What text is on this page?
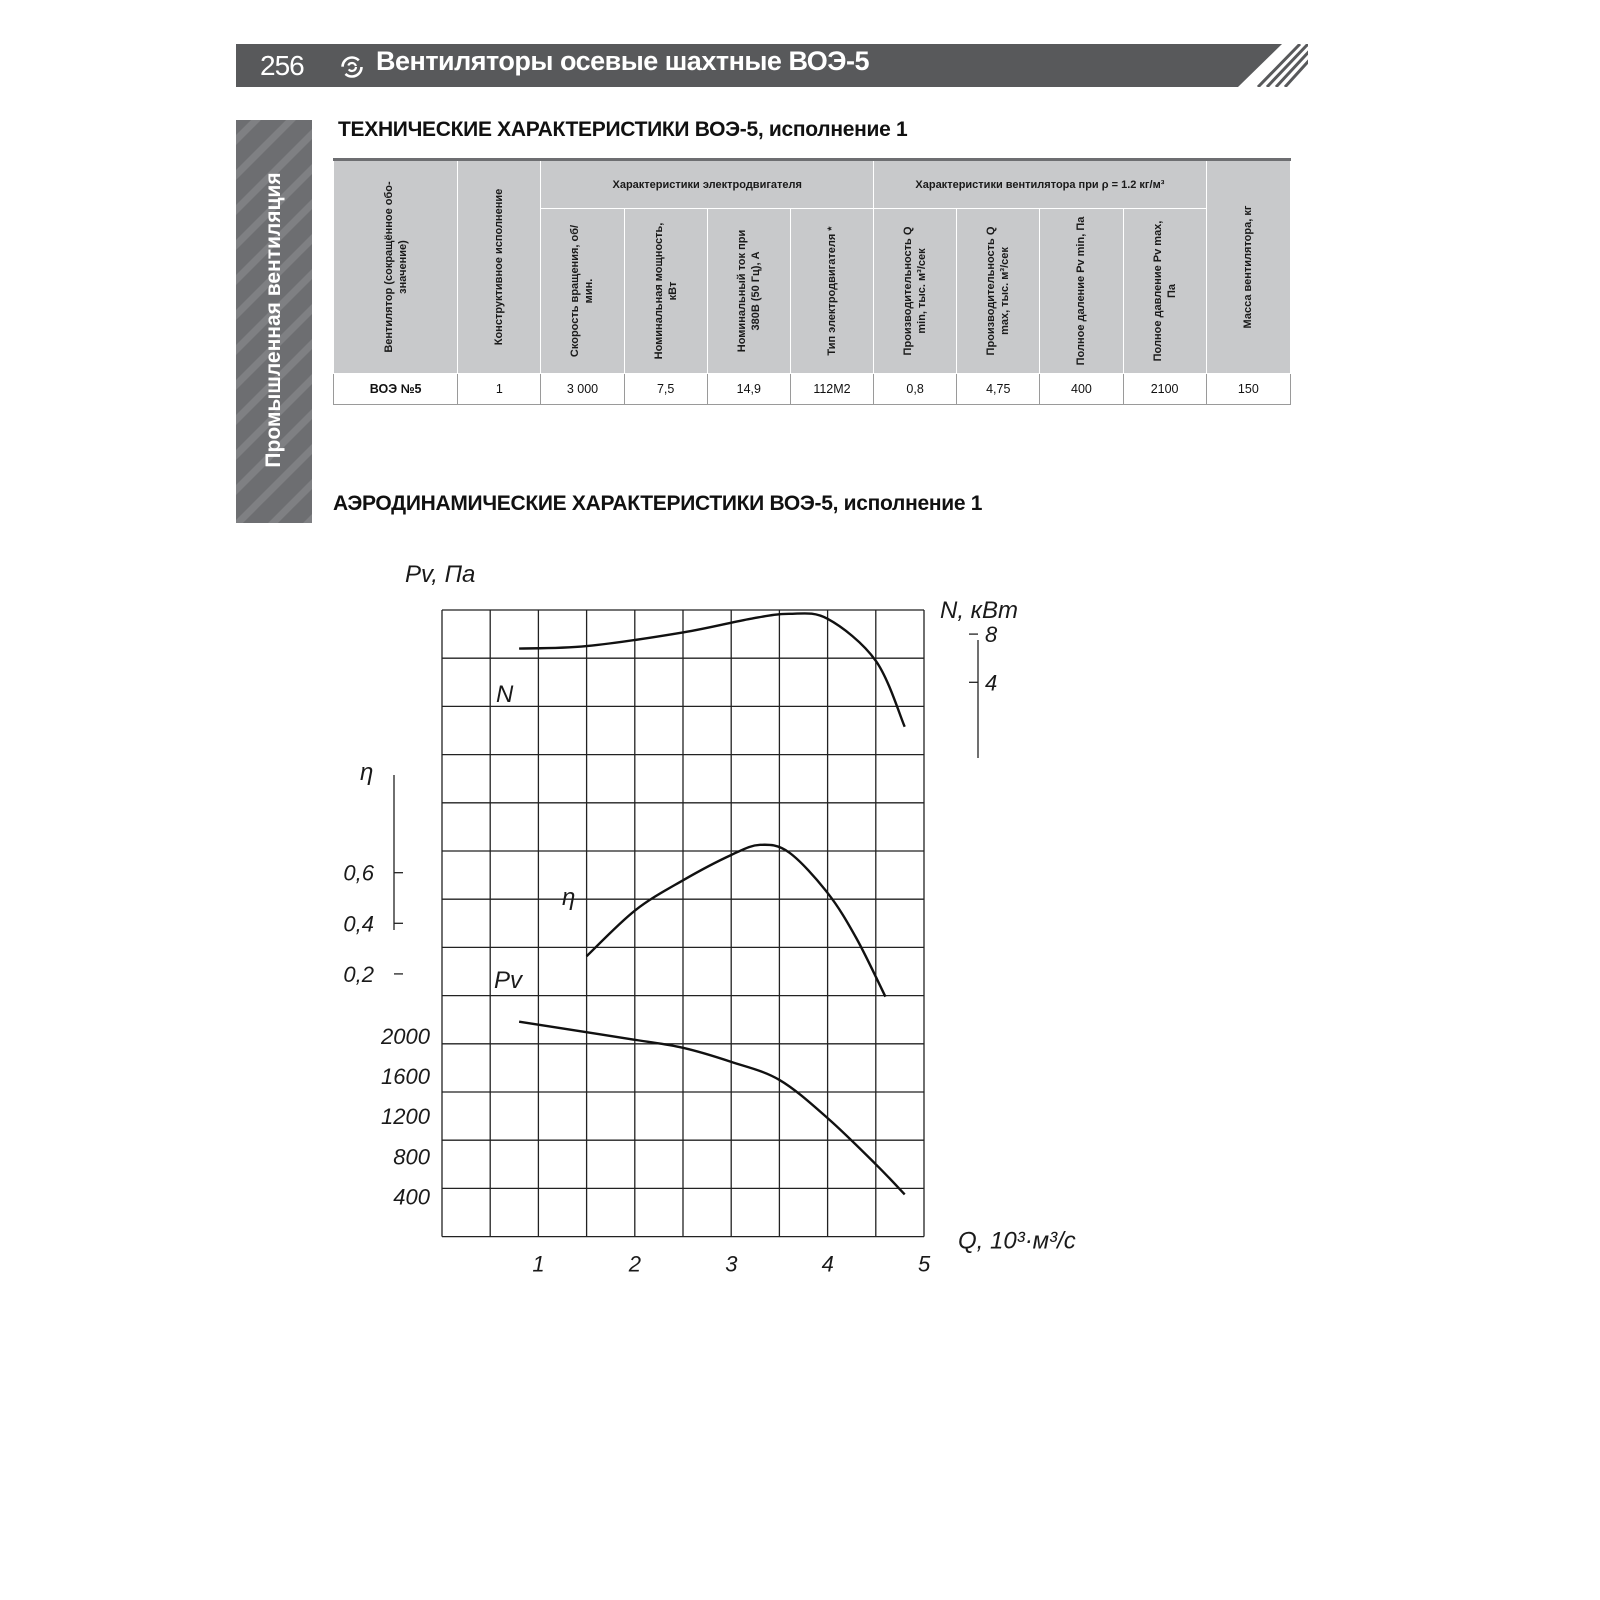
256	Вентиляторы осевые шахтные ВОЭ-5
Промышленная вентиляция
ТЕХНИЧЕСКИЕ ХАРАКТЕРИСТИКИ ВОЭ-5, исполнение 1
Вентилятор (сокращённое обо-значение)	Конструктивное исполнение	Характеристики электродвигателя				Характеристики вентилятора при ρ = 1.2 кг/м³				Масса вентилятора, кг

		Скорость вращения, об/мин.	Номинальная мощность, кВт	Номинальный ток при 380В (50 Гц), А	Тип электродвигателя *	Производительность Q min, тыс. м³/сек	Производительность Q max, тыс. м³/сек	Полное даление Pv min, Па	Полное давление Pv max, Па	

ВОЭ №5	1	3 000	7,5	14,9	112М2	0,8	4,75	400	2100	150
АЭРОДИНАМИЧЕСКИЕ ХАРАКТЕРИСТИКИ ВОЭ-5, исполнение 1
1	2	3	4	5
Q, 10³·м³/с
Pv, Па
400
800
1200
1600
2000
η
0,2
0,4
0,6
N, кВт
4
8
N
η
Pv
